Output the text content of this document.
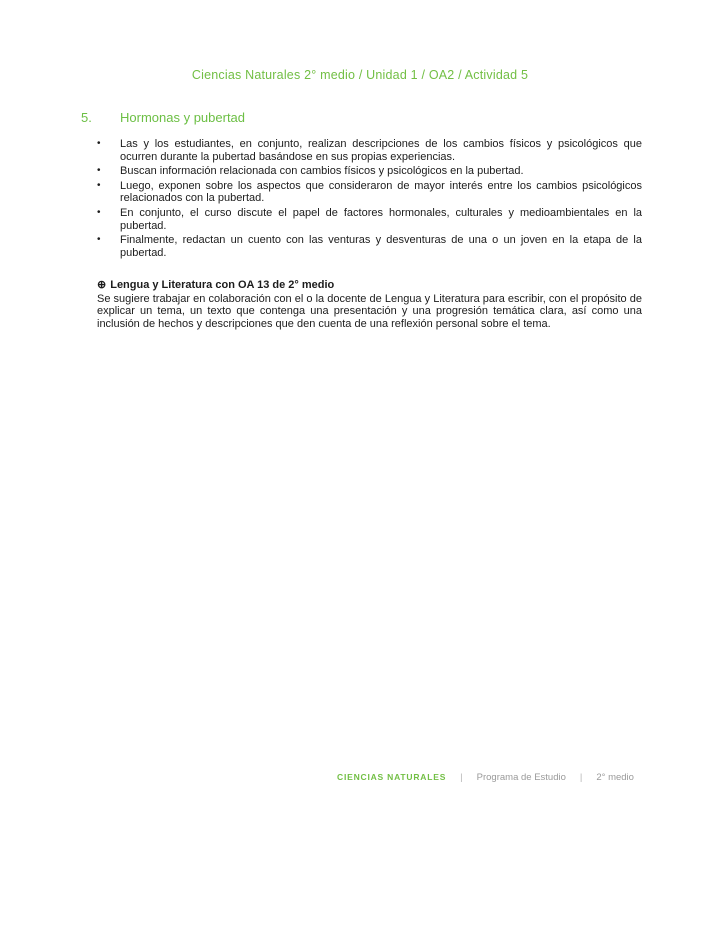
Ciencias Naturales 2° medio / Unidad 1 / OA2 / Actividad 5
5.	Hormonas y pubertad
•	Las y los estudiantes, en conjunto, realizan descripciones de los cambios físicos y psicológicos que ocurren durante la pubertad basándose en sus propias experiencias.
•	Buscan información relacionada con cambios físicos y psicológicos en la pubertad.
•	Luego, exponen sobre los aspectos que consideraron de mayor interés entre los cambios psicológicos relacionados con la pubertad.
•	En conjunto, el curso discute el papel de factores hormonales, culturales y medioambientales en la pubertad.
•	Finalmente, redactan un cuento con las venturas y desventuras de una o un joven en la etapa de la pubertad.
⊕ Lengua y Literatura con OA 13 de 2° medio
Se sugiere trabajar en colaboración con el o la docente de Lengua y Literatura para escribir, con el propósito de explicar un tema, un texto que contenga una presentación y una progresión temática clara, así como una inclusión de hechos y descripciones que den cuenta de una reflexión personal sobre el tema.
CIENCIAS NATURALES | Programa de Estudio | 2° medio
